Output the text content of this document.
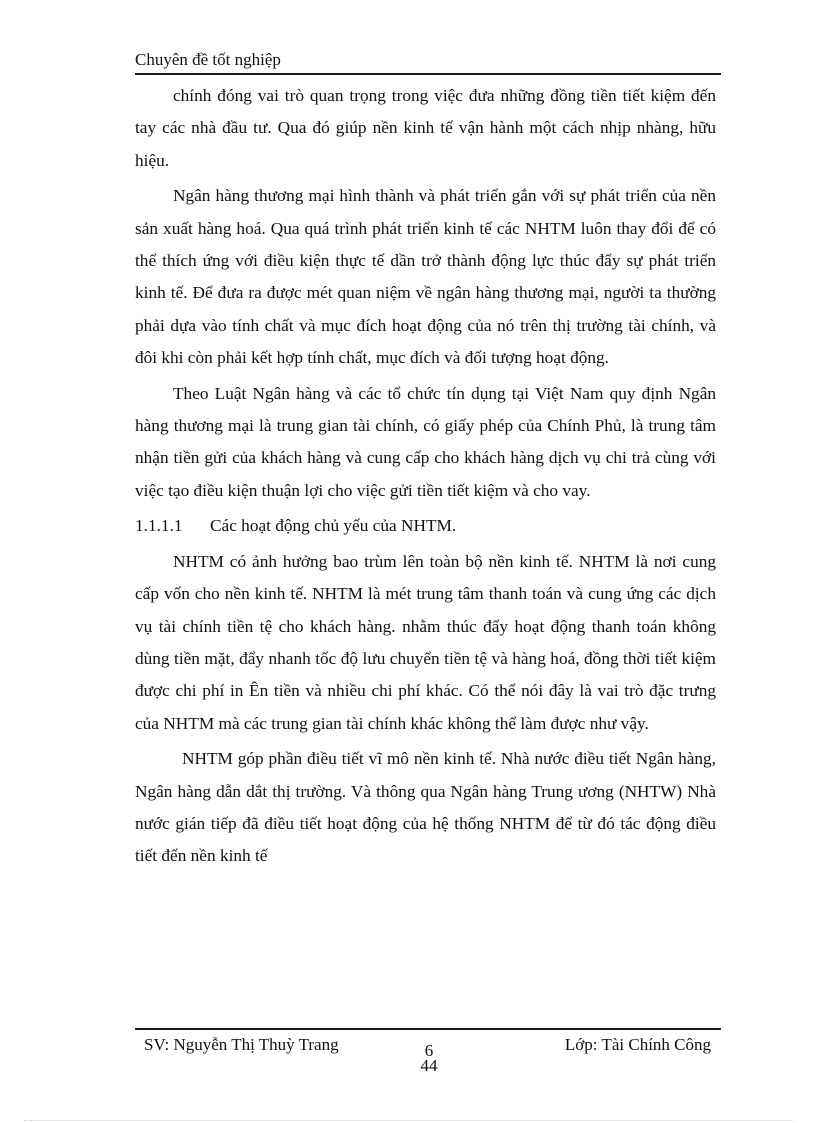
Chuyên đề tốt nghiệp

chính đóng vai trò quan trọng trong việc đưa những đồng tiền tiết kiệm đến tay các nhà đầu tư. Qua đó giúp nền kinh tế vận hành một cách nhịp nhàng, hữu hiệu.

Ngân hàng thương mại hình thành và phát triển gắn với sự phát triển của nền sản xuất hàng hoá. Qua quá trình phát triển kinh tế các NHTM luôn thay đổi để có thể thích ứng với điều kiện thực tế dần trở thành động lực thúc đẩy sự phát triển kinh tế. Để đưa ra được mét quan niệm về ngân hàng thương mại, người ta thường phải dựa vào tính chất và mục đích hoạt động của nó trên thị trường tài chính, và đôi khi còn phải kết hợp tính chất, mục đích và đối tượng hoạt động.

Theo Luật Ngân hàng và các tổ chức tín dụng tại Việt Nam quy định Ngân hàng thương mại là trung gian tài chính, có giấy phép của Chính Phủ, là trung tâm nhận tiền gửi của khách hàng và cung cấp cho khách hàng dịch vụ chi trả cùng với việc tạo điều kiện thuận lợi cho việc gửi tiền tiết kiệm và cho vay.

1.1.1.1 Các hoạt động chủ yếu của NHTM.

NHTM có ảnh hưởng bao trùm lên toàn bộ nền kinh tế. NHTM là nơi cung cấp vốn cho nền kinh tế. NHTM là mét trung tâm thanh toán và cung ứng các dịch vụ tài chính tiền tệ cho khách hàng. nhằm thúc đẩy hoạt động thanh toán không dùng tiền mặt, đẩy nhanh tốc độ lưu chuyển tiền tệ và hàng hoá, đồng thời tiết kiệm được chi phí in Ên tiền và nhiều chi phí khác. Có thể nói đây là vai trò đặc trưng của NHTM mà các trung gian tài chính khác không thể làm được như vậy.

NHTM góp phần điều tiết vĩ mô nền kinh tế. Nhà nước điều tiết Ngân hàng, Ngân hàng dẫn dắt thị trường. Và thông qua Ngân hàng Trung ương (NHTW) Nhà nước gián tiếp đã điều tiết hoạt động của hệ thống NHTM để từ đó tác động điều tiết đến nền kinh tế

SV: Nguyễn Thị Thuỳ Trang	6
44
Lớp: Tài Chính Công
